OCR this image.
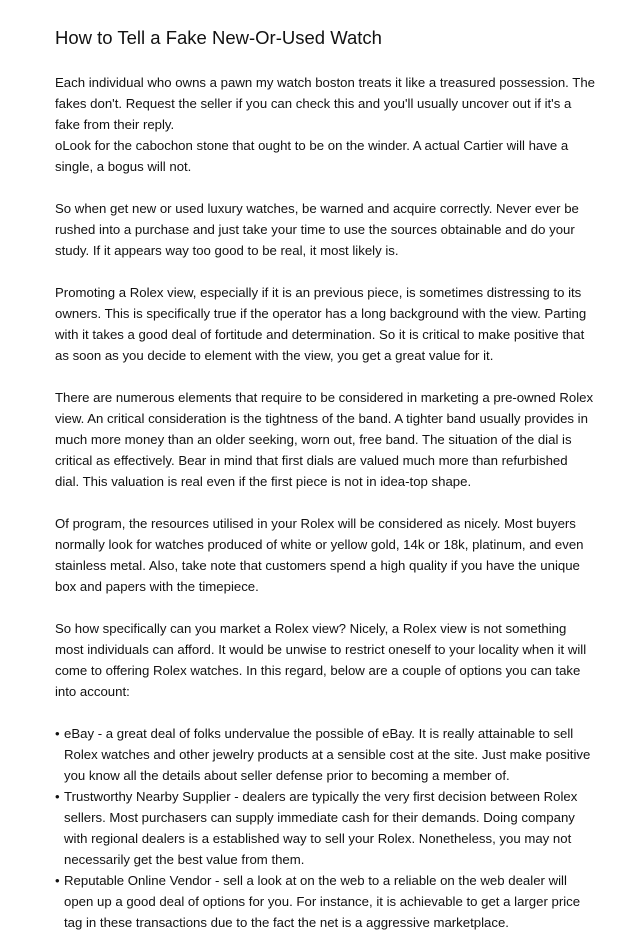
How to Tell a Fake New-Or-Used Watch

Each individual who owns a pawn my watch boston treats it like a treasured possession. The fakes don't. Request the seller if you can check this and you'll usually uncover out if it's a fake from their reply.

oLook for the cabochon stone that ought to be on the winder. A actual Cartier will have a single, a bogus will not.

So when get new or used luxury watches, be warned and acquire correctly. Never ever be rushed into a purchase and just take your time to use the sources obtainable and do your study. If it appears way too good to be real, it most likely is.

Promoting a Rolex view, especially if it is an previous piece, is sometimes distressing to its owners. This is specifically true if the operator has a long background with the view. Parting with it takes a good deal of fortitude and determination. So it is critical to make positive that as soon as you decide to element with the view, you get a great value for it.

There are numerous elements that require to be considered in marketing a pre-owned Rolex view. An critical consideration is the tightness of the band. A tighter band usually provides in much more money than an older seeking, worn out, free band. The situation of the dial is critical as effectively. Bear in mind that first dials are valued much more than refurbished dial. This valuation is real even if the first piece is not in idea-top shape.

Of program, the resources utilised in your Rolex will be considered as nicely. Most buyers normally look for watches produced of white or yellow gold, 14k or 18k, platinum, and even stainless metal. Also, take note that customers spend a high quality if you have the unique box and papers with the timepiece.

So how specifically can you market a Rolex view? Nicely, a Rolex view is not something most individuals can afford. It would be unwise to restrict oneself to your locality when it will come to offering Rolex watches. In this regard, below are a couple of options you can take into account:

• eBay - a great deal of folks undervalue the possible of eBay. It is really attainable to sell Rolex watches and other jewelry products at a sensible cost at the site. Just make positive you know all the details about seller defense prior to becoming a member of.
• Trustworthy Nearby Supplier - dealers are typically the very first decision between Rolex sellers. Most purchasers can supply immediate cash for their demands. Doing company with regional dealers is a established way to sell your Rolex. Nonetheless, you may not necessarily get the best value from them.
• Reputable Online Vendor - sell a look at on the web to a reliable on the web dealer will open up a good deal of options for you. For instance, it is achievable to get a larger price tag in these transactions due to the fact the net is a aggressive marketplace.
